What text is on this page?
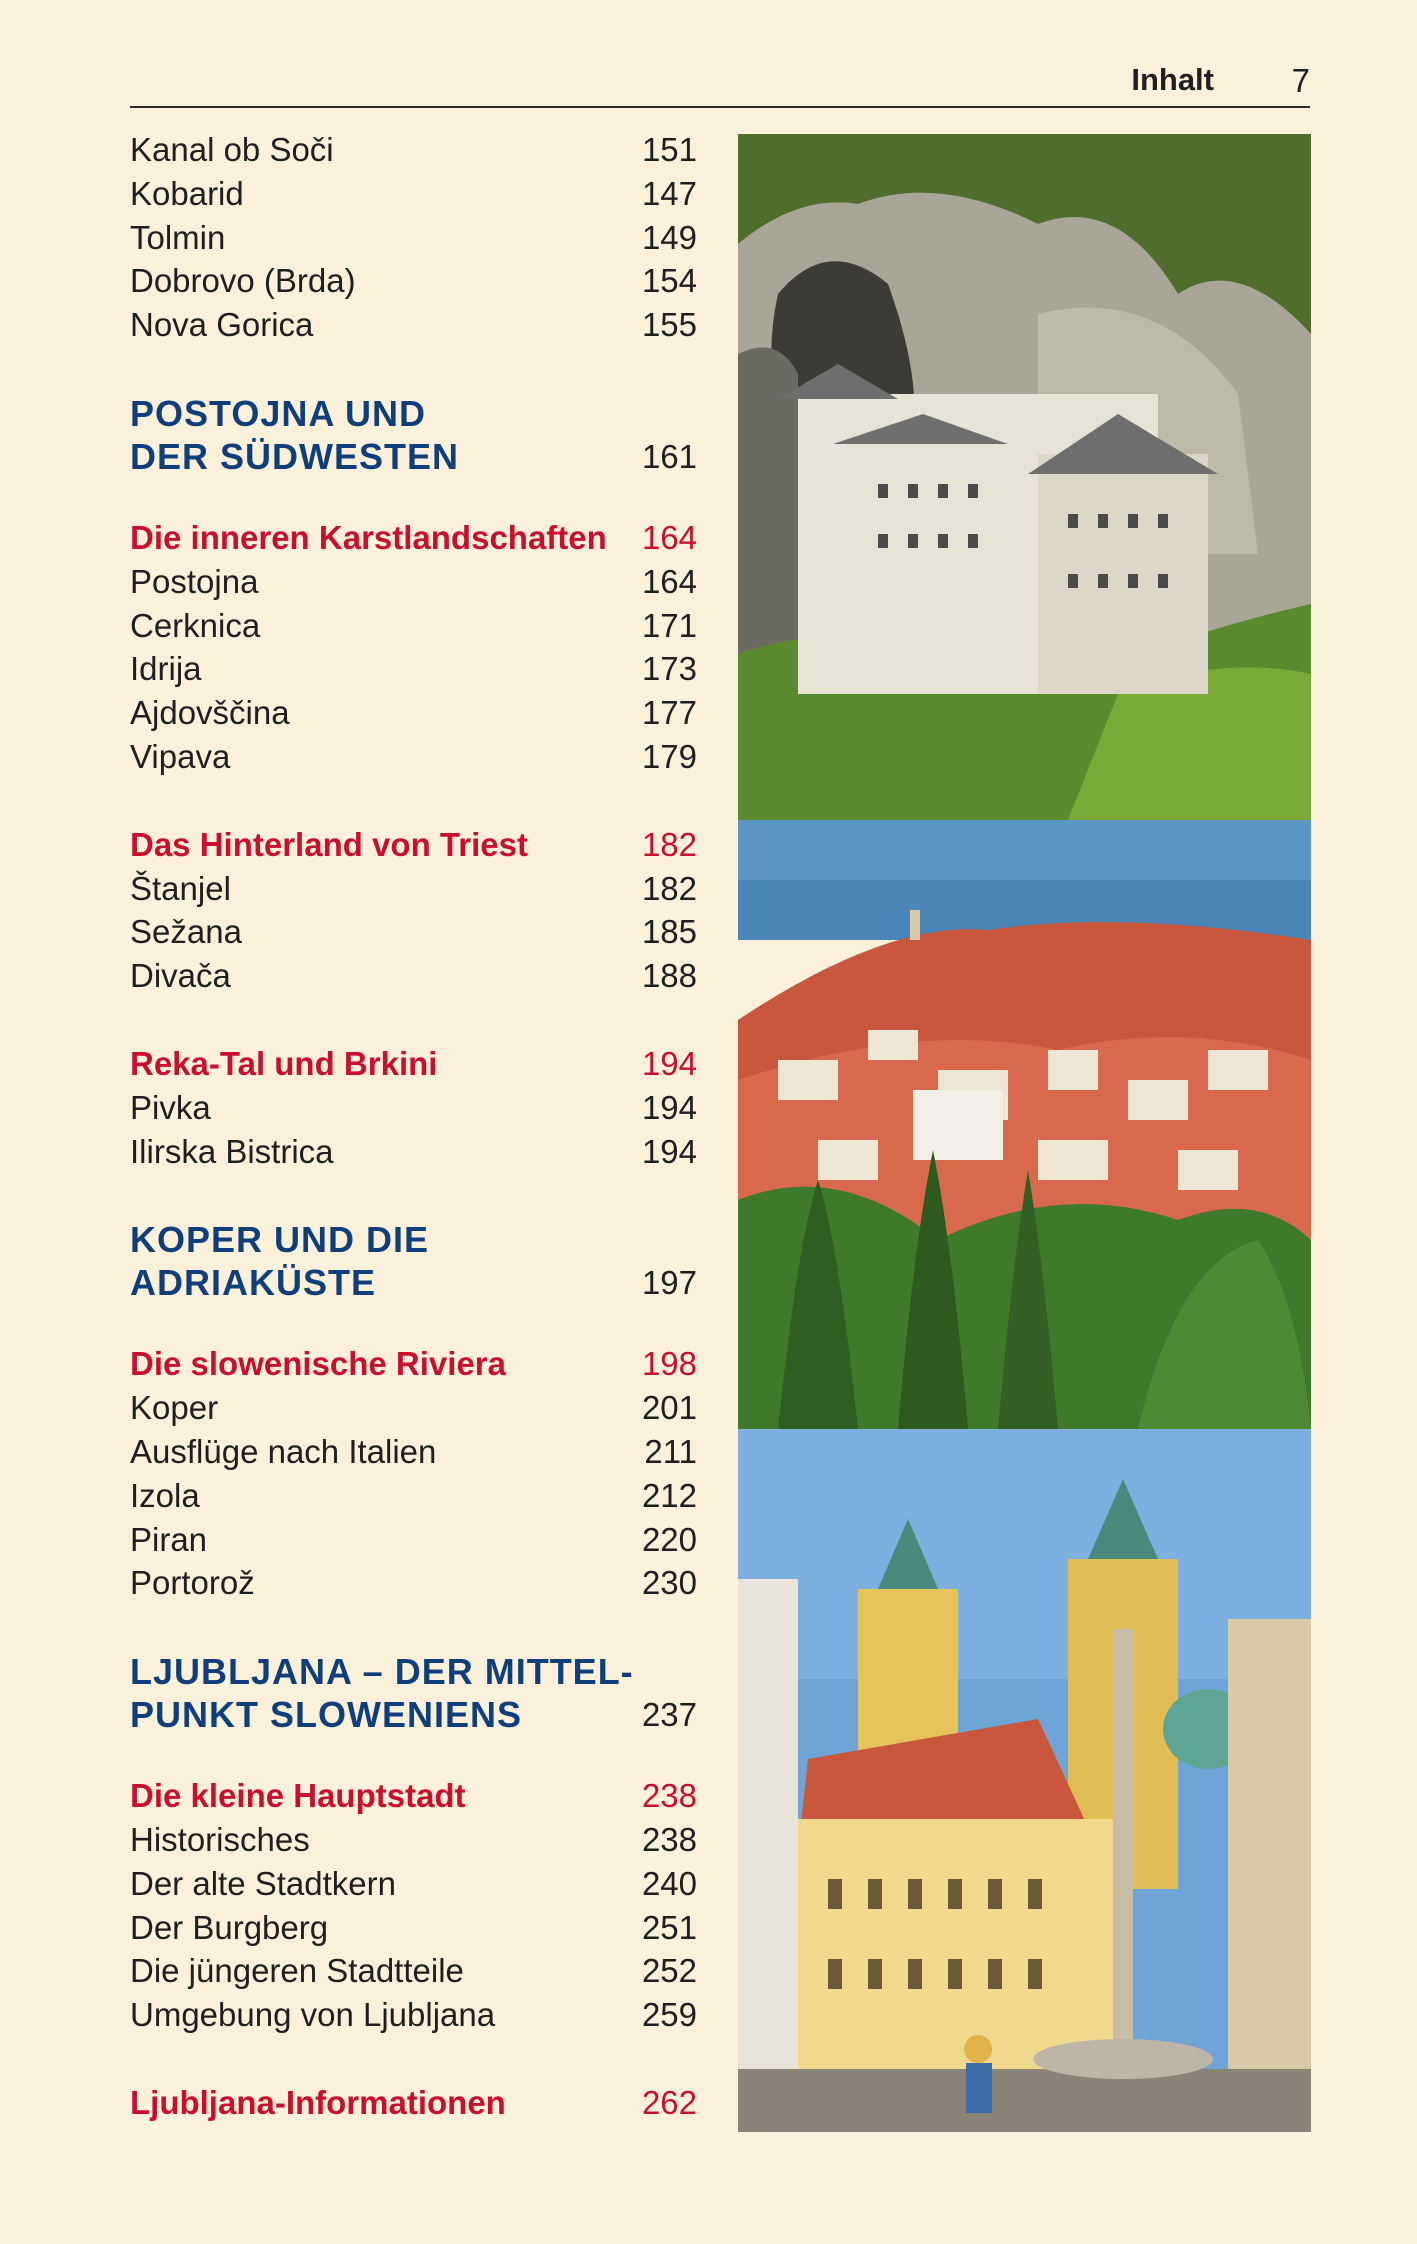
Inhalt 7
Kanal ob Soči	151
Kobarid	147
Tolmin	149
Dobrovo (Brda)	154
Nova Gorica	155
POSTOJNA UND
DER SÜDWESTEN	161
Die inneren Karstlandschaften 164
Postojna	164
Cerknica	171
Idrija	173
Ajdovščina	177
Vipava	179
Das Hinterland von Triest	182
Štanjel	182
Sežana	185
Divača	188
Reka-Tal und Brkini	194
Pivka	194
Ilirska Bistrica	194
KOPER UND DIE
ADRIAKÜSTE	197
Die slowenische Riviera	198
Koper	201
Ausflüge nach Italien	211
Izola	212
Piran	220
Portorož	230
LJUBLJANA – DER MITTEL-
PUNKT SLOWENIENS	237
Die kleine Hauptstadt	238
Historisches	238
Der alte Stadtkern	240
Der Burgberg	251
Die jüngeren Stadtteile	252
Umgebung von Ljubljana	259
Ljubljana-Informationen	262
